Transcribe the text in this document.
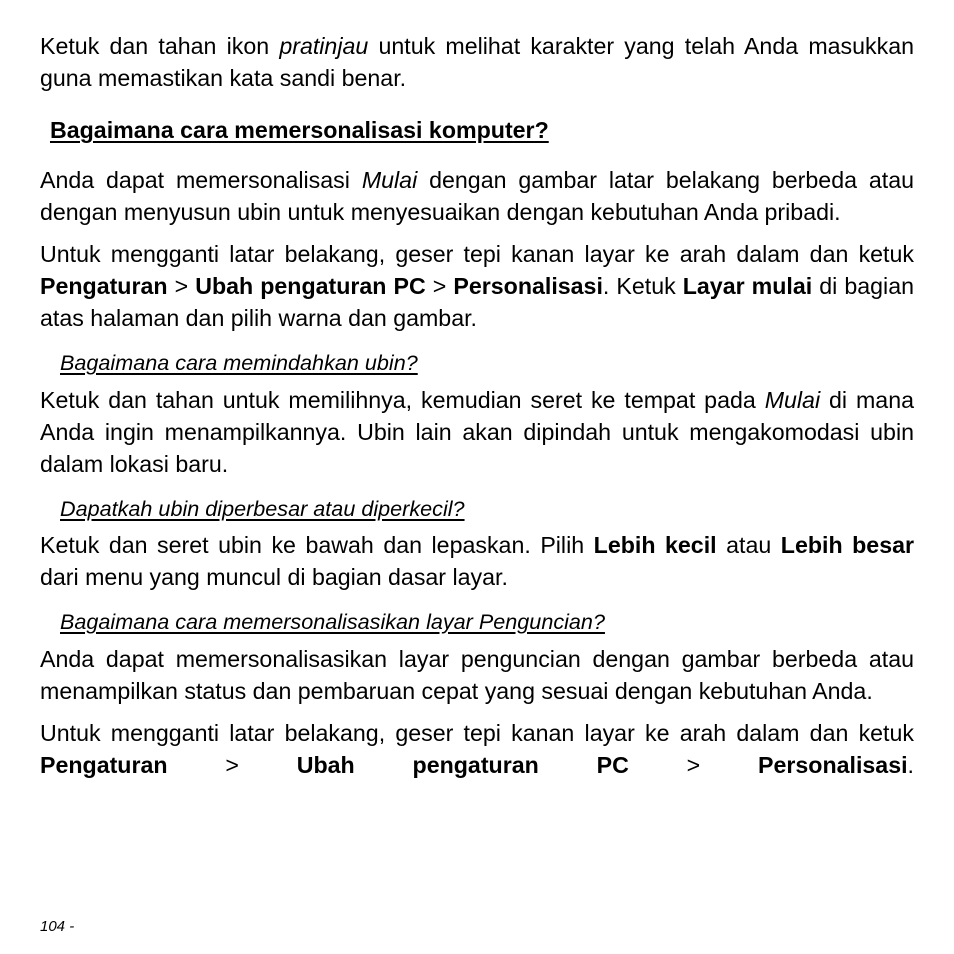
Ketuk dan tahan ikon pratinjau untuk melihat karakter yang telah Anda masukkan guna memastikan kata sandi benar.

Bagaimana cara memersonalisasi komputer?

Anda dapat memersonalisasi Mulai dengan gambar latar belakang berbeda atau dengan menyusun ubin untuk menyesuaikan dengan kebutuhan Anda pribadi.

Untuk mengganti latar belakang, geser tepi kanan layar ke arah dalam dan ketuk Pengaturan > Ubah pengaturan PC > Personalisasi. Ketuk Layar mulai di bagian atas halaman dan pilih warna dan gambar.

Bagaimana cara memindahkan ubin?

Ketuk dan tahan untuk memilihnya, kemudian seret ke tempat pada Mulai di mana Anda ingin menampilkannya. Ubin lain akan dipindah untuk mengakomodasi ubin dalam lokasi baru.

Dapatkah ubin diperbesar atau diperkecil?

Ketuk dan seret ubin ke bawah dan lepaskan. Pilih Lebih kecil atau Lebih besar dari menu yang muncul di bagian dasar layar.

Bagaimana cara memersonalisasikan layar Penguncian?

Anda dapat memersonalisasikan layar penguncian dengan gambar berbeda atau menampilkan status dan pembaruan cepat yang sesuai dengan kebutuhan Anda.

Untuk mengganti latar belakang, geser tepi kanan layar ke arah dalam dan ketuk Pengaturan > Ubah pengaturan PC > Personalisasi.

104 -
